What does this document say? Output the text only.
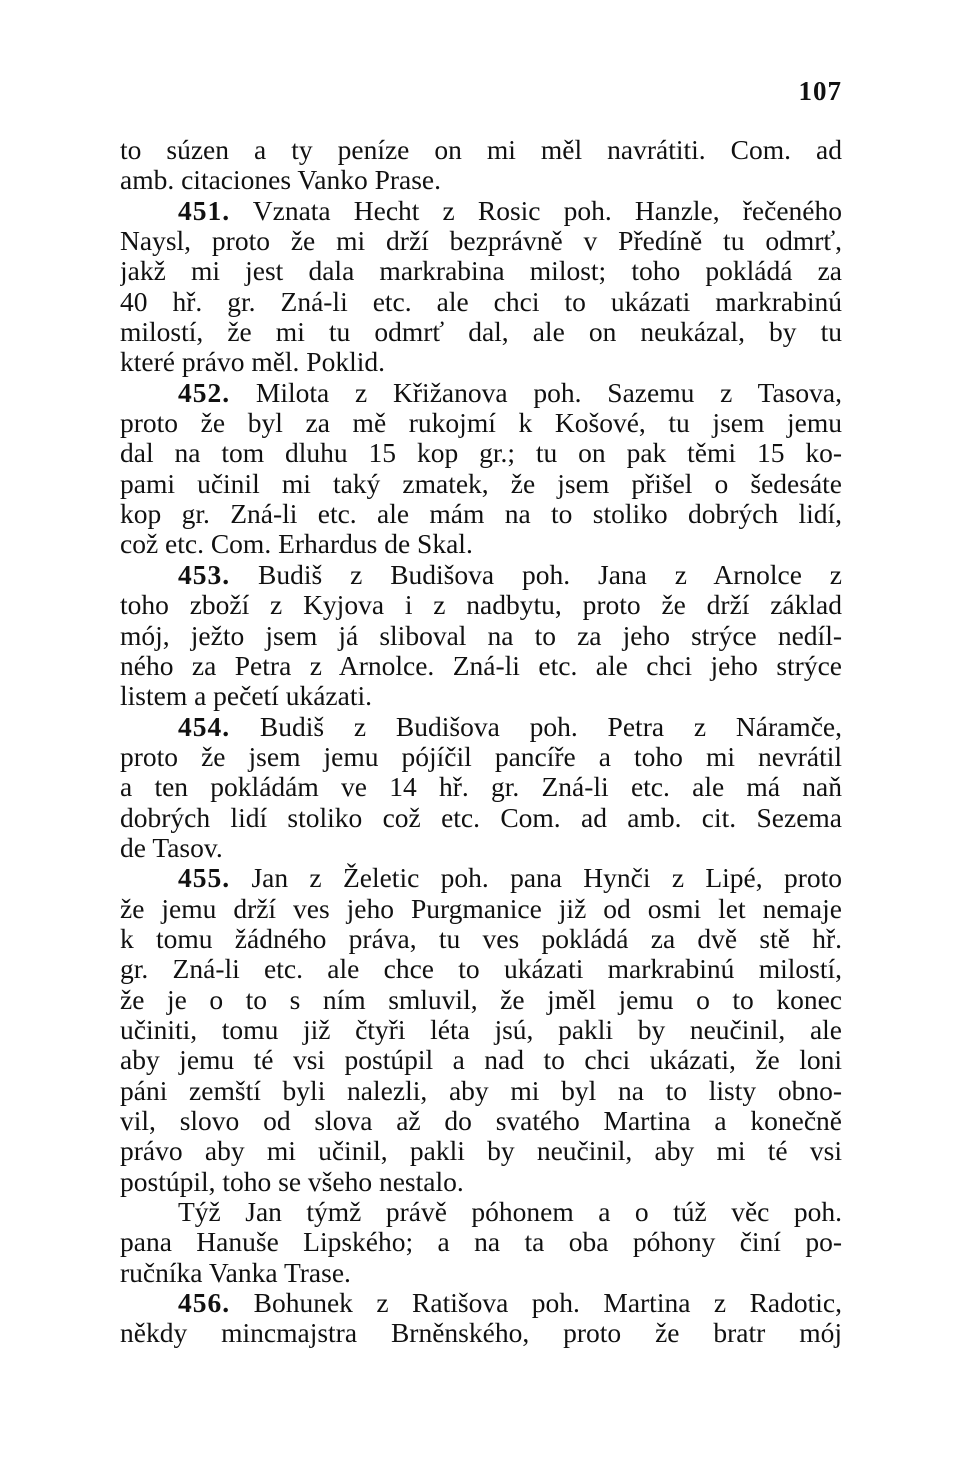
107
to súzen a ty peníze on mi měl navrátiti. Com. ad
amb. citaciones Vanko Prase.
451. Vznata Hecht z Rosic poh. Hanzle, řečeného
Naysl, proto že mi drží bezprávně v Předíně tu odmrť,
jakž mi jest dala markrabina milost; toho pokládá za
40 hř. gr. Zná-li etc. ale chci to ukázati markrabinú
milostí, že mi tu odmrť dal, ale on neukázal, by tu
které právo měl. Poklid.
452. Milota z Křižanova poh. Sazemu z Tasova,
proto že byl za mě rukojmí k Košové, tu jsem jemu
dal na tom dluhu 15 kop gr.; tu on pak těmi 15 ko-
pami učinil mi taký zmatek, že jsem přišel o šedesáte
kop gr. Zná-li etc. ale mám na to stoliko dobrých lidí,
což etc. Com. Erhardus de Skal.
453. Budiš z Budišova poh. Jana z Arnolce z
toho zboží z Kyjova i z nadbytu, proto že drží základ
mój, ježto jsem já sliboval na to za jeho strýce nedíl-
ného za Petra z Arnolce. Zná-li etc. ale chci jeho strýce
listem a pečetí ukázati.
454. Budiš z Budišova poh. Petra z Náramče,
proto že jsem jemu pójíčil pancíře a toho mi nevrátil
a ten pokládám ve 14 hř. gr. Zná-li etc. ale má naň
dobrých lidí stoliko což etc. Com. ad amb. cit. Sezema
de Tasov.
455. Jan z Želetic poh. pana Hynči z Lipé, proto
že jemu drží ves jeho Purgmanice již od osmi let nemaje
k tomu žádného práva, tu ves pokládá za dvě stě hř.
gr. Zná-li etc. ale chce to ukázati markrabinú milostí,
že je o to s ním smluvil, že jměl jemu o to konec
učiniti, tomu již čtyři léta jsú, pakli by neučinil, ale
aby jemu té vsi postúpil a nad to chci ukázati, že loni
páni zemští byli nalezli, aby mi byl na to listy obno-
vil, slovo od slova až do svatého Martina a konečně
právo aby mi učinil, pakli by neučinil, aby mi té vsi
postúpil, toho se všeho nestalo.
Týž Jan týmž právě póhonem a o túž věc poh.
pana Hanuše Lipského; a na ta oba póhony činí po-
ručníka Vanka Trase.
456. Bohunek z Ratišova poh. Martina z Radotic,
někdy mincmajstra Brněnského, proto že bratr mój
